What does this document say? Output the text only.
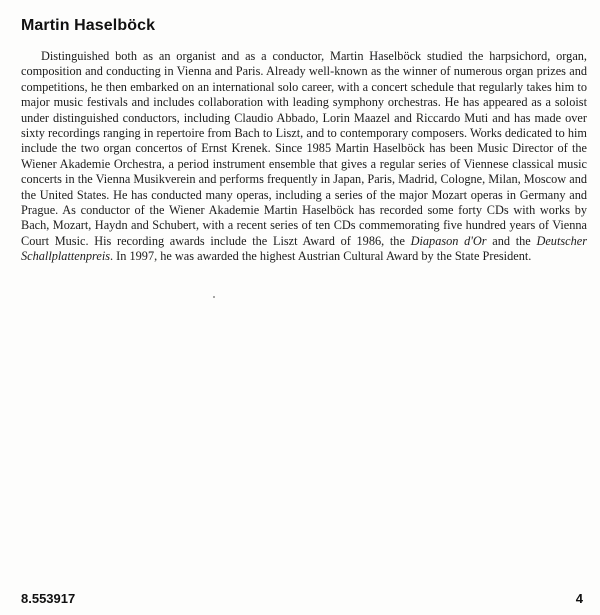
Martin Haselböck

Distinguished both as an organist and as a conductor, Martin Haselböck studied the harpsichord, organ, composition and conducting in Vienna and Paris. Already well-known as the winner of numerous organ prizes and competitions, he then embarked on an international solo career, with a concert schedule that regularly takes him to major music festivals and includes collaboration with leading symphony orchestras. He has appeared as a soloist under distinguished conductors, including Claudio Abbado, Lorin Maazel and Riccardo Muti and has made over sixty recordings ranging in repertoire from Bach to Liszt, and to contemporary composers. Works dedicated to him include the two organ concertos of Ernst Krenek. Since 1985 Martin Haselböck has been Music Director of the Wiener Akademie Orchestra, a period instrument ensemble that gives a regular series of Viennese classical music concerts in the Vienna Musikverein and performs frequently in Japan, Paris, Madrid, Cologne, Milan, Moscow and the United States. He has conducted many operas, including a series of the major Mozart operas in Germany and Prague. As conductor of the Wiener Akademie Martin Haselböck has recorded some forty CDs with works by Bach, Mozart, Haydn and Schubert, with a recent series of ten CDs commemorating five hundred years of Vienna Court Music. His recording awards include the Liszt Award of 1986, the Diapason d'Or and the Deutscher Schallplattenpreis. In 1997, he was awarded the highest Austrian Cultural Award by the State President.

8.553917	4
